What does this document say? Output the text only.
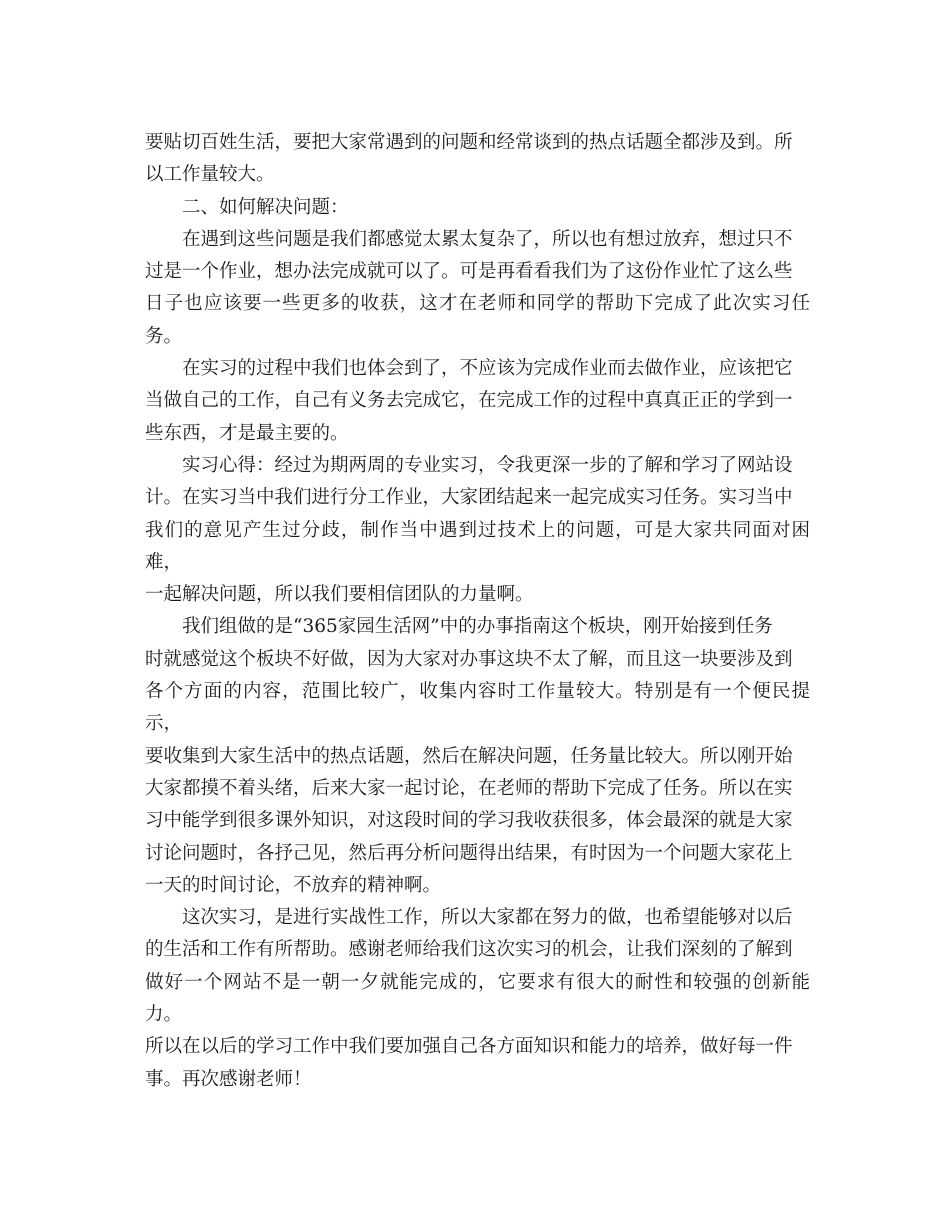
要贴切百姓生活，要把大家常遇到的问题和经常谈到的热点话题全都涉及到。所
以工作量较大。

　　二、如何解决问题：

　　在遇到这些问题是我们都感觉太累太复杂了，所以也有想过放弃，想过只不
过是一个作业，想办法完成就可以了。可是再看看我们为了这份作业忙了这么些
日子也应该要一些更多的收获，这才在老师和同学的帮助下完成了此次实习任务。

　　在实习的过程中我们也体会到了，不应该为完成作业而去做作业，应该把它
当做自己的工作，自己有义务去完成它，在完成工作的过程中真真正正的学到一
些东西，才是最主要的。

　　实习心得：经过为期两周的专业实习，令我更深一步的了解和学习了网站设
计。在实习当中我们进行分工作业，大家团结起来一起完成实习任务。实习当中
我们的意见产生过分歧，制作当中遇到过技术上的问题，可是大家共同面对困难，
一起解决问题，所以我们要相信团队的力量啊。

　　我们组做的是“365家园生活网”中的办事指南这个板块，刚开始接到任务
时就感觉这个板块不好做，因为大家对办事这块不太了解，而且这一块要涉及到
各个方面的内容，范围比较广，收集内容时工作量较大。特别是有一个便民提示，
要收集到大家生活中的热点话题，然后在解决问题，任务量比较大。所以刚开始
大家都摸不着头绪，后来大家一起讨论，在老师的帮助下完成了任务。所以在实
习中能学到很多课外知识，对这段时间的学习我收获很多，体会最深的就是大家
讨论问题时，各抒己见，然后再分析问题得出结果，有时因为一个问题大家花上
一天的时间讨论，不放弃的精神啊。

　　这次实习，是进行实战性工作，所以大家都在努力的做，也希望能够对以后
的生活和工作有所帮助。感谢老师给我们这次实习的机会，让我们深刻的了解到
做好一个网站不是一朝一夕就能完成的，它要求有很大的耐性和较强的创新能力。
所以在以后的学习工作中我们要加强自己各方面知识和能力的培养，做好每一件
事。再次感谢老师！
